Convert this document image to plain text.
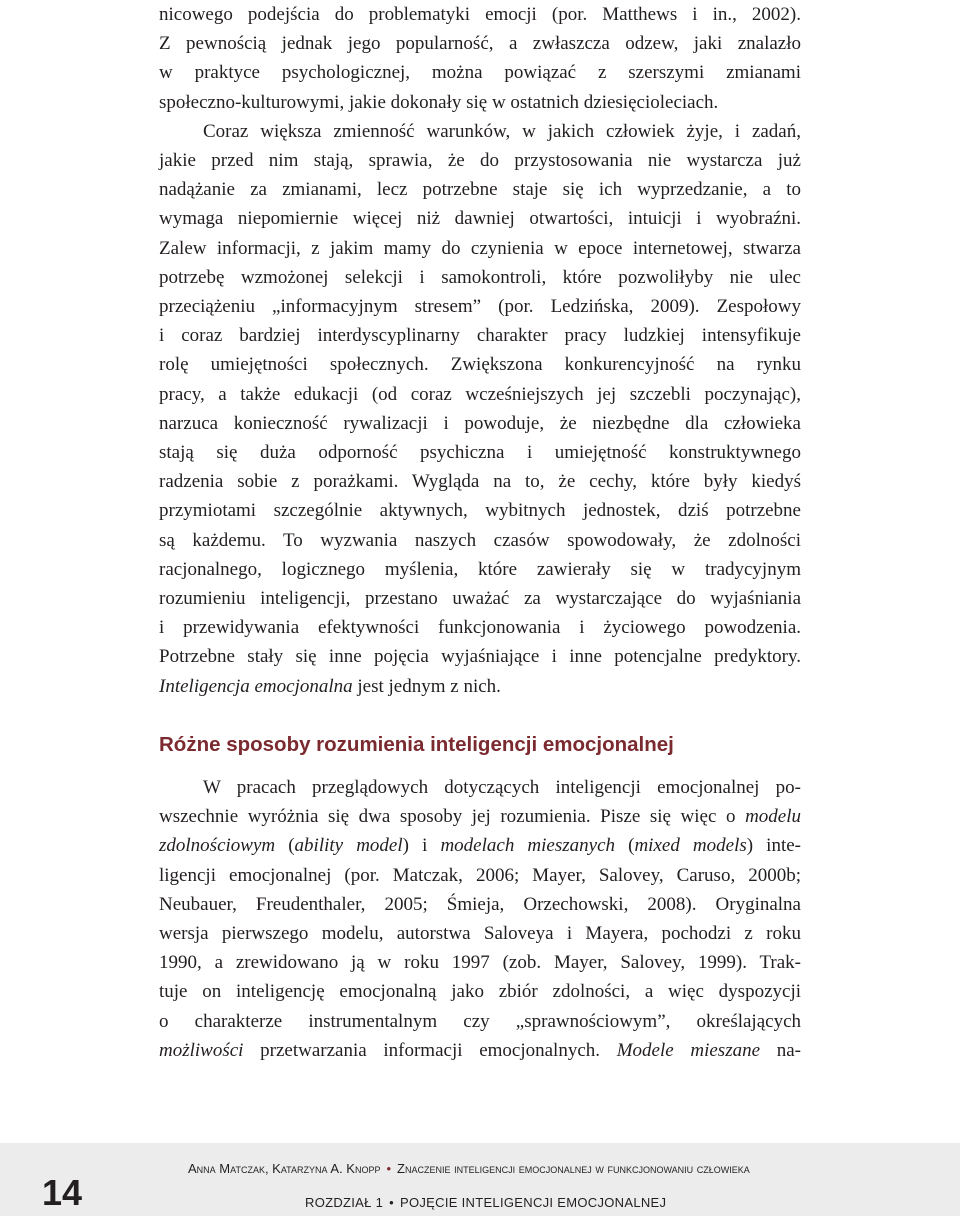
nicowego podejścia do problematyki emocji (por. Matthews i in., 2002).
Z pewnością jednak jego popularność, a zwłaszcza odzew, jaki znalazło
w praktyce psychologicznej, można powiązać z szerszymi zmianami
społeczno-kulturowymi, jakie dokonały się w ostatnich dziesięcioleciach.
Coraz większa zmienność warunków, w jakich człowiek żyje, i zadań,
jakie przed nim stają, sprawia, że do przystosowania nie wystarcza już
nadążanie za zmianami, lecz potrzebne staje się ich wyprzedzanie, a to
wymaga niepomiernie więcej niż dawniej otwartości, intuicji i wyobraźni.
Zalew informacji, z jakim mamy do czynienia w epoce internetowej, stwarza
potrzebę wzmożonej selekcji i samokontroli, które pozwoliłyby nie ulec
przeciążeniu „informacyjnym stresem” (por. Ledzińska, 2009). Zespołowy
i coraz bardziej interdyscyplinarny charakter pracy ludzkiej intensyfikuje
rolę umiejętności społecznych. Zwiększona konkurencyjność na rynku
pracy, a także edukacji (od coraz wcześniejszych jej szczebli poczynając),
narzuca konieczność rywalizacji i powoduje, że niezbędne dla człowieka
stają się duża odporność psychiczna i umiejętność konstruktywnego
radzenia sobie z porażkami. Wygląda na to, że cechy, które były kiedyś
przymiotami szczególnie aktywnych, wybitnych jednostek, dziś potrzebne
są każdemu. To wyzwania naszych czasów spowodowały, że zdolności
racjonalnego, logicznego myślenia, które zawierały się w tradycyjnym
rozumieniu inteligencji, przestano uważać za wystarczające do wyjaśniania
i przewidywania efektywności funkcjonowania i życiowego powodzenia.
Potrzebne stały się inne pojęcia wyjaśniające i inne potencjalne predyktory.
Inteligencja emocjonalna jest jednym z nich.
Różne sposoby rozumienia inteligencji emocjonalnej
W pracach przeglądowych dotyczących inteligencji emocjonalnej po-
wszechnie wyróżnia się dwa sposoby jej rozumienia. Pisze się więc o modelu
zdolnościowym (ability model) i modelach mieszanych (mixed models) inte-
ligencji emocjonalnej (por. Matczak, 2006; Mayer, Salovey, Caruso, 2000b;
Neubauer, Freudenthaler, 2005; Śmieja, Orzechowski, 2008). Oryginalna
wersja pierwszego modelu, autorstwa Saloveya i Mayera, pochodzi z roku
1990, a zrewidowano ją w roku 1997 (zob. Mayer, Salovey, 1999). Trak-
tuje on inteligencję emocjonalną jako zbiór zdolności, a więc dyspozycji
o charakterze instrumentalnym czy „sprawnościowym”, określających
możliwości przetwarzania informacji emocjonalnych. Modele mieszane na-
14
Anna Matczak, Katarzyna A. Knopp • Znaczenie inteligencji emocjonalnej w funkcjonowaniu człowieka
ROZDZIAŁ 1 • POJĘCIE INTELIGENCJI EMOCJONALNEJ
